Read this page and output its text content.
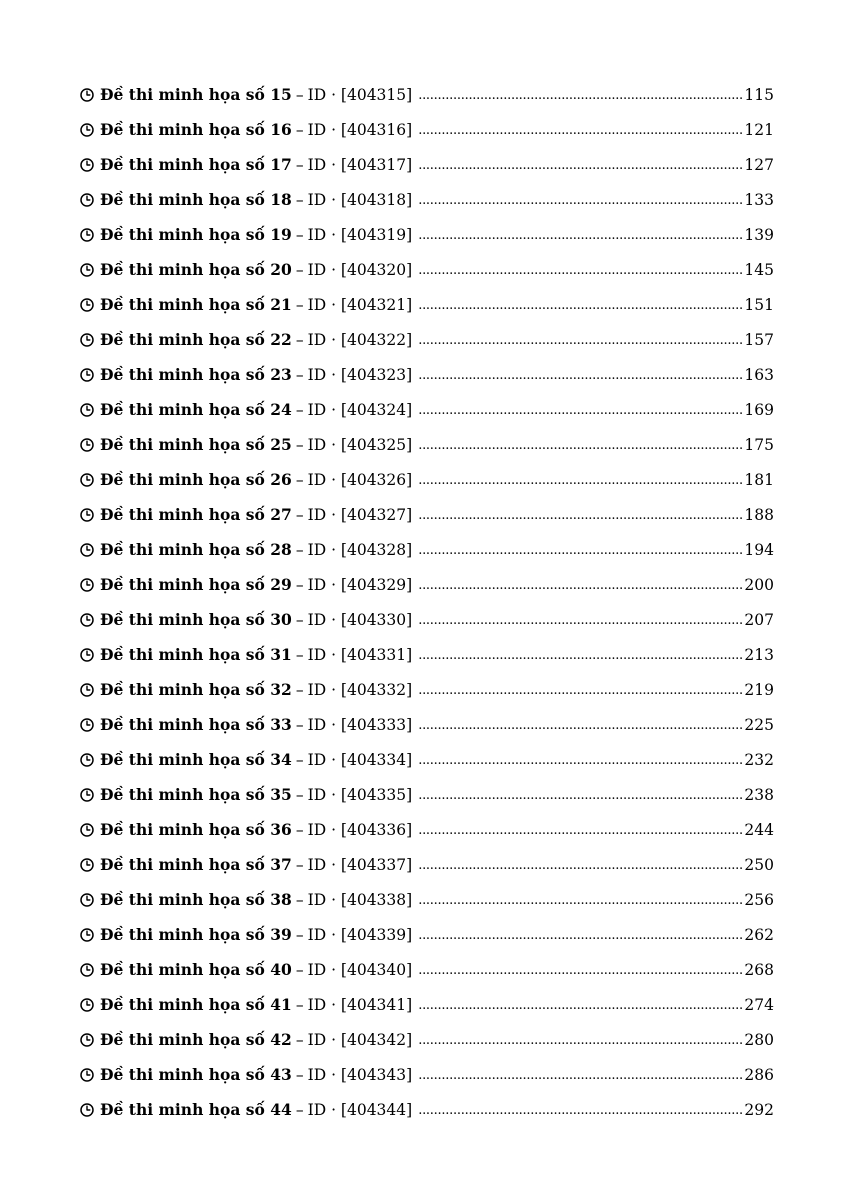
Đề thi minh họa số 15 – ID · [404315] . . .	115
Đề thi minh họa số 16 – ID · [404316] . . .	121
Đề thi minh họa số 17 – ID · [404317] . . .	127
Đề thi minh họa số 18 – ID · [404318] . . .	133
Đề thi minh họa số 19 – ID · [404319] . . .	139
Đề thi minh họa số 20 – ID · [404320] . . .	145
Đề thi minh họa số 21 – ID · [404321] . . .	151
Đề thi minh họa số 22 – ID · [404322] . . .	157
Đề thi minh họa số 23 – ID · [404323] . . .	163
Đề thi minh họa số 24 – ID · [404324] . . .	169
Đề thi minh họa số 25 – ID · [404325] . . .	175
Đề thi minh họa số 26 – ID · [404326] . . .	181
Đề thi minh họa số 27 – ID · [404327] . . .	188
Đề thi minh họa số 28 – ID · [404328] . . .	194
Đề thi minh họa số 29 – ID · [404329] . . .	200
Đề thi minh họa số 30 – ID · [404330] . . .	207
Đề thi minh họa số 31 – ID · [404331] . . .	213
Đề thi minh họa số 32 – ID · [404332] . . .	219
Đề thi minh họa số 33 – ID · [404333] . . .	225
Đề thi minh họa số 34 – ID · [404334] . . .	232
Đề thi minh họa số 35 – ID · [404335] . . .	238
Đề thi minh họa số 36 – ID · [404336] . . .	244
Đề thi minh họa số 37 – ID · [404337] . . .	250
Đề thi minh họa số 38 – ID · [404338] . . .	256
Đề thi minh họa số 39 – ID · [404339] . . .	262
Đề thi minh họa số 40 – ID · [404340] . . .	268
Đề thi minh họa số 41 – ID · [404341] . . .	274
Đề thi minh họa số 42 – ID · [404342] . . .	280
Đề thi minh họa số 43 – ID · [404343] . . .	286
Đề thi minh họa số 44 – ID · [404344] . . .	292
